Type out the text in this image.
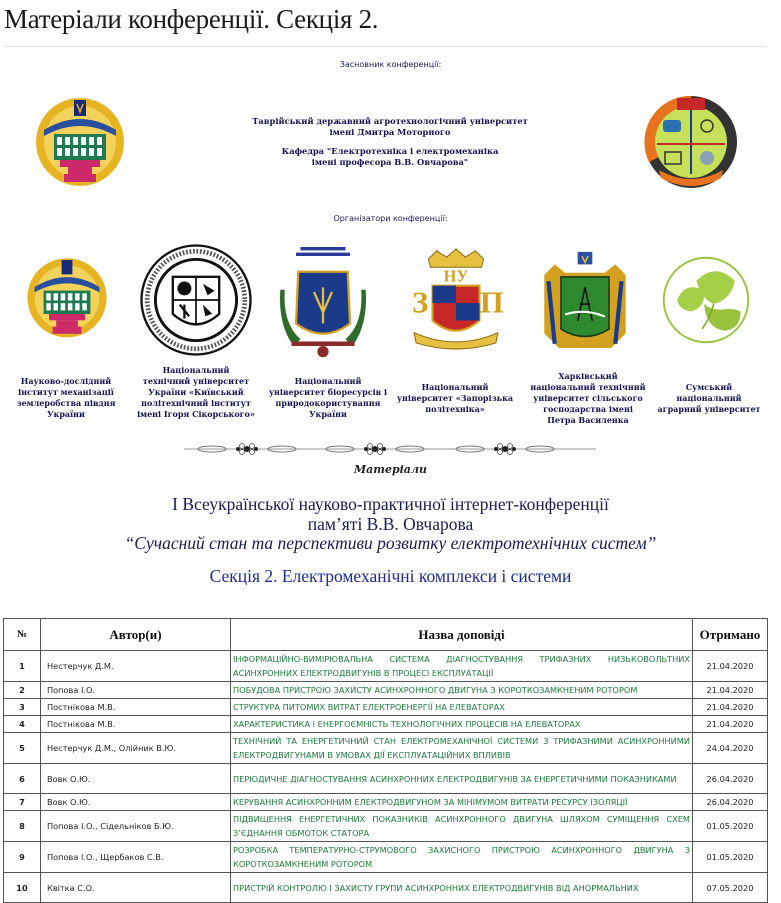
Матеріали конференції. Секція 2.
Засновник конференції:
Таврійський державний агротехнологічний університет
імені Дмитра Моторного
Кафедра "Електротехніка і електромеханіка
імені професора В.В. Овчарова"
Організатори конференції:
НУ
З П
Науково-дослідний
інститут механізації
землеробства півдня
України
Національний
технічний університет
України «Київський
політехнічний інститут
імені Ігоря Сікорського»
Національний
університет біоресурсів і
природокористування
України
Національний
університет «Запорізька
політехніка»
Харківський
національний технічний
університет сільського
господарства імені
Петра Василенка
Сумський
національний
аграрний університет
Матеріали
І Всеукраїнської науково-практичної інтернет-конференції
пам’яті В.В. Овчарова
“Сучасний стан та перспективи розвитку електротехнічних систем”
Секція 2. Електромеханічні комплекси і системи
№	Автор(и)	Назва доповіді	Отримано
1	Нестерчук Д.М.	ІНФОРМАЦІЙНО-ВИМІРЮВАЛЬНА СИСТЕМА ДІАГНОСТУВАННЯ ТРИФАЗНИХ НИЗЬКОВОЛЬТНИХ АСИНХРОННИХ ЕЛЕКТРОДВИГУНІВ В ПРОЦЕСІ ЕКСПЛУАТАЦІЇ	21.04.2020
2	Попова І.О.	ПОБУДОВА ПРИСТРОЮ ЗАХИСТУ АСИНХРОННОГО ДВИГУНА З КОРОТКОЗАМКНЕНИМ РОТОРОМ	21.04.2020
3	Постнікова М.В.	СТРУКТУРА ПИТОМИХ ВИТРАТ ЕЛЕКТРОЕНЕРГІЇ НА ЕЛЕВАТОРАХ	21.04.2020
4	Постнікова М.В.	ХАРАКТЕРИСТИКА І ЕНЕРГОЄМНІСТЬ ТЕХНОЛОГІЧНИХ ПРОЦЕСІВ НА ЕЛЕВАТОРАХ	21.04.2020
5	Нестерчук Д.М., Олійник В.Ю.	ТЕХНІЧНИЙ ТА ЕНЕРГЕТИЧНИЙ СТАН ЕЛЕКТРОМЕХАНІЧНОЇ СИСТЕМИ З ТРИФАЗНИМИ АСИНХРОННИМИ ЕЛЕКТРОДВИГУНАМИ В УМОВАХ ДІЇ ЕКСПЛУАТАЦІЙНИХ ВПЛИВІВ	24.04.2020
6	Вовк О.Ю.	ПЕРІОДИЧНЕ ДІАГНОСТУВАННЯ АСИНХРОННИХ ЕЛЕКТРОДВИГУНІВ ЗА ЕНЕРГЕТИЧНИМИ ПОКАЗНИКАМИ	26.04.2020
7	Вовк О.Ю.	КЕРУВАННЯ АСИНХРОННИМ ЕЛЕКТРОДВИГУНОМ ЗА МІНІМУМОМ ВИТРАТИ РЕСУРСУ ІЗОЛЯЦІЇ	26.04.2020
8	Попова І.О., Сідельніков Б.Ю.	ПІДВИЩЕННЯ ЕНЕРГЕТИЧНИХ ПОКАЗНИКІВ АСИНХРОННОГО ДВИГУНА ШЛЯХОМ СУМІЩЕННЯ СХЕМ З’ЄДНАННЯ ОБМОТОК СТАТОРА	01.05.2020
9	Попова І.О., Щербаков С.В.	РОЗРОБКА ТЕМПЕРАТУРНО-СТРУМОВОГО ЗАХИСНОГО ПРИСТРОЮ АСИНХРОННОГО ДВИГУНА З КОРОТКОЗАМКНЕНИМ РОТОРОМ	01.05.2020
10	Квітка С.О.	ПРИСТРІЙ КОНТРОЛЮ І ЗАХИСТУ ГРУПИ АСИНХРОННИХ ЕЛЕКТРОДВИГУНІВ ВІД АНОРМАЛЬНИХ	07.05.2020
